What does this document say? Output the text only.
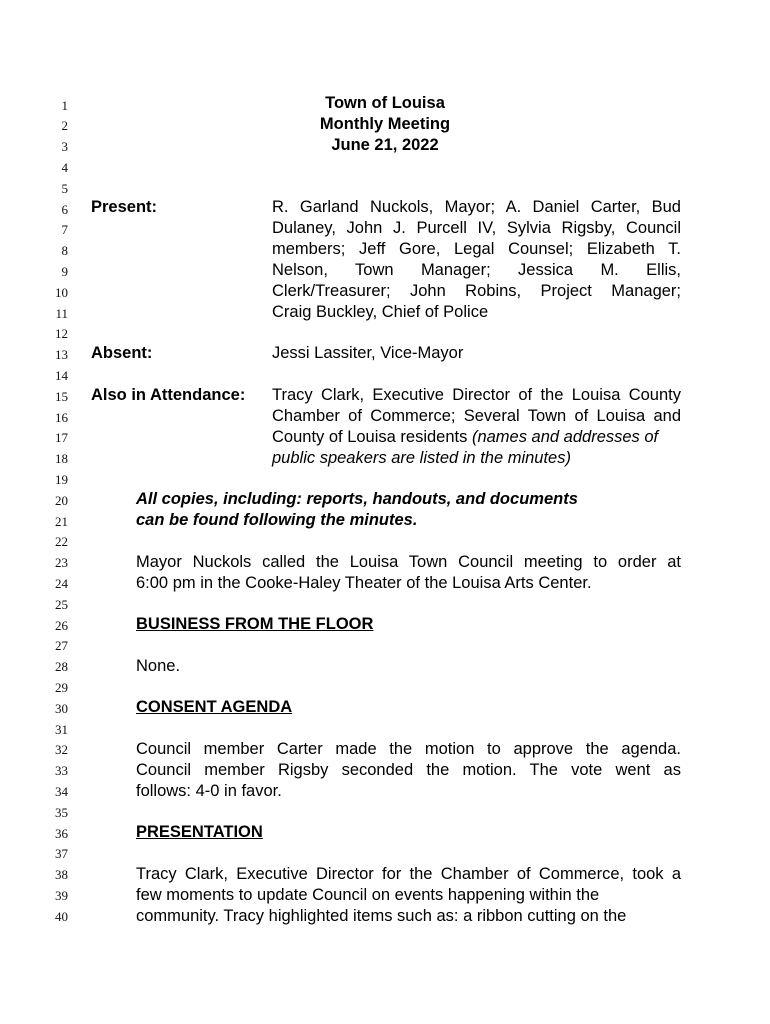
1
2
3
4
5
6
7
8
9
10
11
12
13
14
15
16
17
18
19
20
21
22
23
24
25
26
27
28
29
30
31
32
33
34
35
36
37
38
39
40
Town of Louisa
Monthly Meeting
June 21, 2022
Present:	R. Garland Nuckols, Mayor; A. Daniel Carter, Bud
Dulaney, John J. Purcell IV, Sylvia Rigsby, Council
members; Jeff Gore, Legal Counsel; Elizabeth T.
Nelson, Town Manager; Jessica M. Ellis,
Clerk/Treasurer; John Robins, Project Manager;
Craig Buckley, Chief of Police
Absent:	Jessi Lassiter, Vice-Mayor
Also in Attendance: Tracy Clark, Executive Director of the Louisa County
Chamber of Commerce; Several Town of Louisa and
County of Louisa residents (names and addresses of
public speakers are listed in the minutes)
All copies, including: reports, handouts, and documents
can be found following the minutes.
Mayor Nuckols called the Louisa Town Council meeting to order at
6:00 pm in the Cooke-Haley Theater of the Louisa Arts Center.
BUSINESS FROM THE FLOOR
None.
CONSENT AGENDA
Council member Carter made the motion to approve the agenda.
Council member Rigsby seconded the motion. The vote went as
follows: 4-0 in favor.
PRESENTATION
Tracy Clark, Executive Director for the Chamber of Commerce, took a
few moments to update Council on events happening within the
community. Tracy highlighted items such as: a ribbon cutting on the
